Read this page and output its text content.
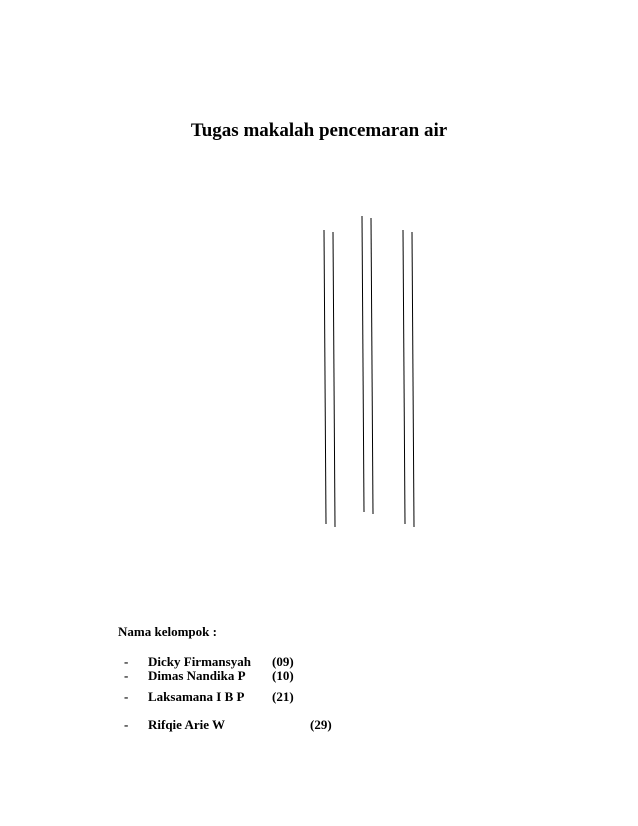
Tugas makalah pencemaran air
Nama kelompok :
- Dicky Firmansyah (09)
- Dimas Nandika P (10)
- Laksamana I B P (21)
- Rifqie Arie W	(29)
